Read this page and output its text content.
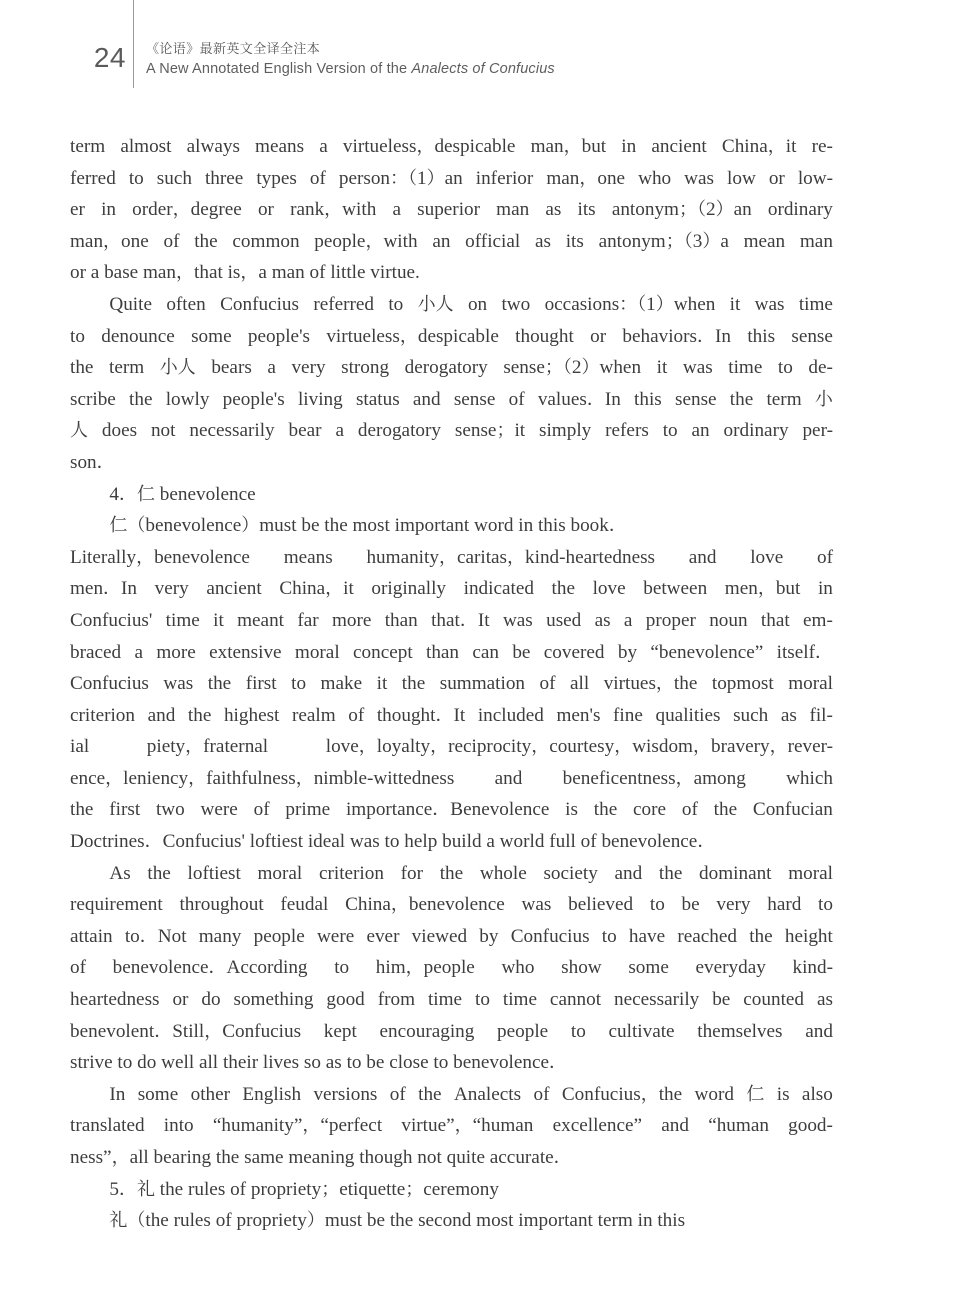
24 《论语》最新英文全译全注本
A New Annotated English Version of the Analects of Confucius
term almost always means a virtueless，despicable man，but in ancient China，it re-
ferred to such three types of person：（1）an inferior man，one who was low or low-
er in order，degree or rank，with a superior man as its antonym；（2）an ordinary
man，one of the common people，with an official as its antonym；（3）a mean man
or a base man，that is，a man of little virtue.
Quite often Confucius referred to 小人 on two occasions：（1）when it was time
to denounce some people's virtueless，despicable thought or behaviors．In this sense
the term 小人 bears a very strong derogatory sense；（2）when it was time to de-
scribe the lowly people's living status and sense of values．In this sense the term 小
人 does not necessarily bear a derogatory sense；it simply refers to an ordinary per-
son．
4．仁 benevolence
仁（benevolence）must be the most important word in this book．
Literally，benevolence means humanity，caritas，kind-heartedness and love of
men．In very ancient China，it originally indicated the love between men，but in
Confucius' time it meant far more than that．It was used as a proper noun that em-
braced a more extensive moral concept than can be covered by “benevolence” itself．
Confucius was the first to make it the summation of all virtues，the topmost moral
criterion and the highest realm of thought．It included men's fine qualities such as fil-
ial	piety，fraternal	love，loyalty，reciprocity，courtesy，wisdom，bravery，rever-
ence，leniency，faithfulness，nimble-wittedness and beneficentness，among which
the first two were of prime importance．Benevolence is the core of the Confucian
Doctrines．Confucius' loftiest ideal was to help build a world full of benevolence．
As the loftiest moral criterion for the whole society and the dominant moral
requirement throughout feudal China，benevolence was believed to be very hard to
attain to．Not many people were ever viewed by Confucius to have reached the height
of benevolence．According to him，people who show some everyday kind-
heartedness or do something good from time to time cannot necessarily be counted as
benevolent．Still，Confucius kept encouraging people to cultivate themselves and
strive to do well all their lives so as to be close to benevolence．
In some other English versions of the Analects of Confucius，the word 仁 is also
translated into “humanity”，“perfect virtue”，“human excellence” and “human good-
ness”，all bearing the same meaning though not quite accurate．
5．礼 the rules of propriety；etiquette；ceremony
礼（the rules of propriety）must be the second most important term in this
